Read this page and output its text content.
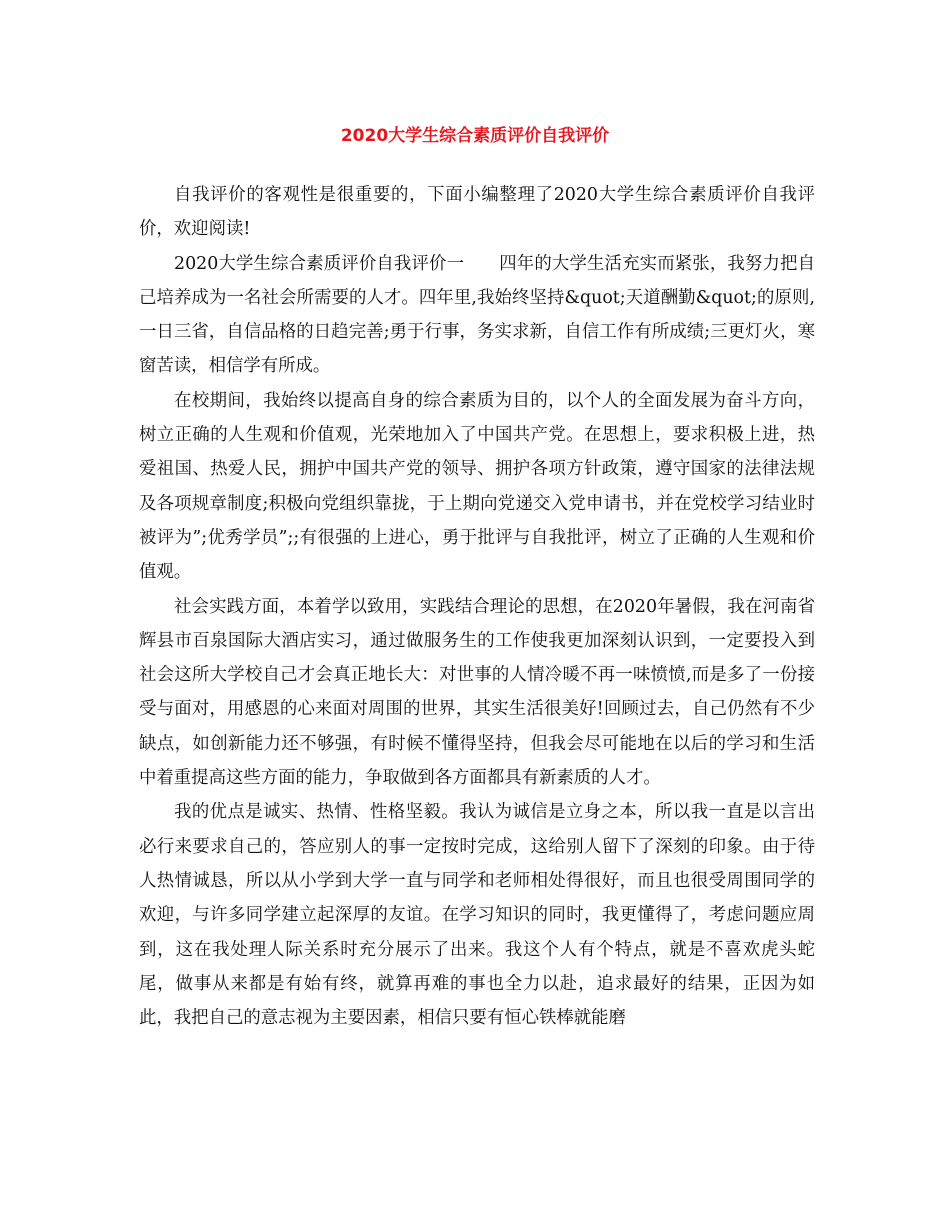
2020大学生综合素质评价自我评价

自我评价的客观性是很重要的，下面小编整理了2020大学生综合素质评价自我评价，欢迎阅读!

2020大学生综合素质评价自我评价一　　四年的大学生活充实而紧张，我努力把自己培养成为一名社会所需要的人才。四年里,我始终坚持&quot;天道酬勤&quot;的原则,一日三省，自信品格的日趋完善;勇于行事，务实求新，自信工作有所成绩;三更灯火，寒窗苦读，相信学有所成。

在校期间，我始终以提高自身的综合素质为目的，以个人的全面发展为奋斗方向，树立正确的人生观和价值观，光荣地加入了中国共产党。在思想上，要求积极上进，热爱祖国、热爱人民，拥护中国共产党的领导、拥护各项方针政策，遵守国家的法律法规及各项规章制度;积极向党组织靠拢，于上期向党递交入党申请书，并在党校学习结业时被评为”;优秀学员”;;有很强的上进心，勇于批评与自我批评，树立了正确的人生观和价值观。

社会实践方面，本着学以致用，实践结合理论的思想，在2020年暑假，我在河南省辉县市百泉国际大酒店实习，通过做服务生的工作使我更加深刻认识到，一定要投入到社会这所大学校自己才会真正地长大：对世事的人情冷暖不再一味愤愤,而是多了一份接受与面对，用感恩的心来面对周围的世界，其实生活很美好!回顾过去，自己仍然有不少缺点，如创新能力还不够强，有时候不懂得坚持，但我会尽可能地在以后的学习和生活中着重提高这些方面的能力，争取做到各方面都具有新素质的人才。

我的优点是诚实、热情、性格坚毅。我认为诚信是立身之本，所以我一直是以言出必行来要求自己的，答应别人的事一定按时完成，这给别人留下了深刻的印象。由于待人热情诚恳，所以从小学到大学一直与同学和老师相处得很好，而且也很受周围同学的欢迎，与许多同学建立起深厚的友谊。在学习知识的同时，我更懂得了，考虑问题应周到，这在我处理人际关系时充分展示了出来。我这个人有个特点，就是不喜欢虎头蛇尾，做事从来都是有始有终，就算再难的事也全力以赴，追求最好的结果，正因为如此，我把自己的意志视为主要因素，相信只要有恒心铁棒就能磨
